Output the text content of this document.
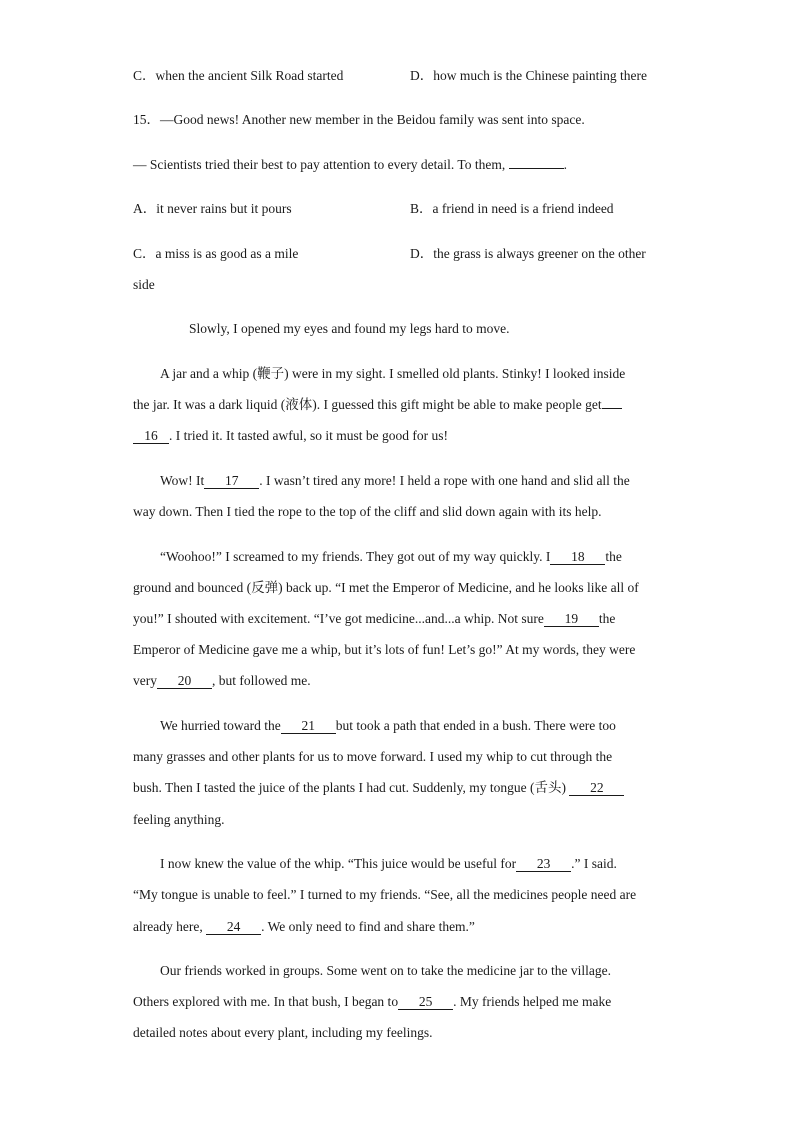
C．when the ancient Silk Road started	D．how much is the Chinese painting there
15．—Good news! Another new member in the Beidou family was sent into space.
— Scientists tried their best to pay attention to every detail. To them,	.
A．it never rains but it pours	B．a friend in need is a friend indeed
C．a miss is as good as a mile	D．the grass is always greener on the other
side
Slowly, I opened my eyes and found my legs hard to move.
A jar and a whip (鞭子) were in my sight. I smelled old plants. Stinky! I looked inside
the jar. It was a dark liquid (液体). I guessed this gift might be able to make people get
16 . I tried it. It tasted awful, so it must be good for us!
Wow! It 17 . I wasn’t tired any more! I held a rope with one hand and slid all the
way down. Then I tied the rope to the top of the cliff and slid down again with its help.
“Woohoo!” I screamed to my friends. They got out of my way quickly. I 18 the
ground and bounced (反弹) back up. “I met the Emperor of Medicine, and he looks like all of
you!” I shouted with excitement. “I’ve got medicine...and...a whip. Not sure 19 the
Emperor of Medicine gave me a whip, but it’s lots of fun! Let’s go!” At my words, they were
very 20 , but followed me.
We hurried toward the 21 but took a path that ended in a bush. There were too
many grasses and other plants for us to move forward. I used my whip to cut through the
bush. Then I tasted the juice of the plants I had cut. Suddenly, my tongue (舌头) 22
feeling anything.
I now knew the value of the whip. “This juice would be useful for 23 .” I said.
“My tongue is unable to feel.” I turned to my friends. “See, all the medicines people need are
already here, 24 . We only need to find and share them.”
Our friends worked in groups. Some went on to take the medicine jar to the village.
Others explored with me. In that bush, I began to 25 . My friends helped me make
detailed notes about every plant, including my feelings.
